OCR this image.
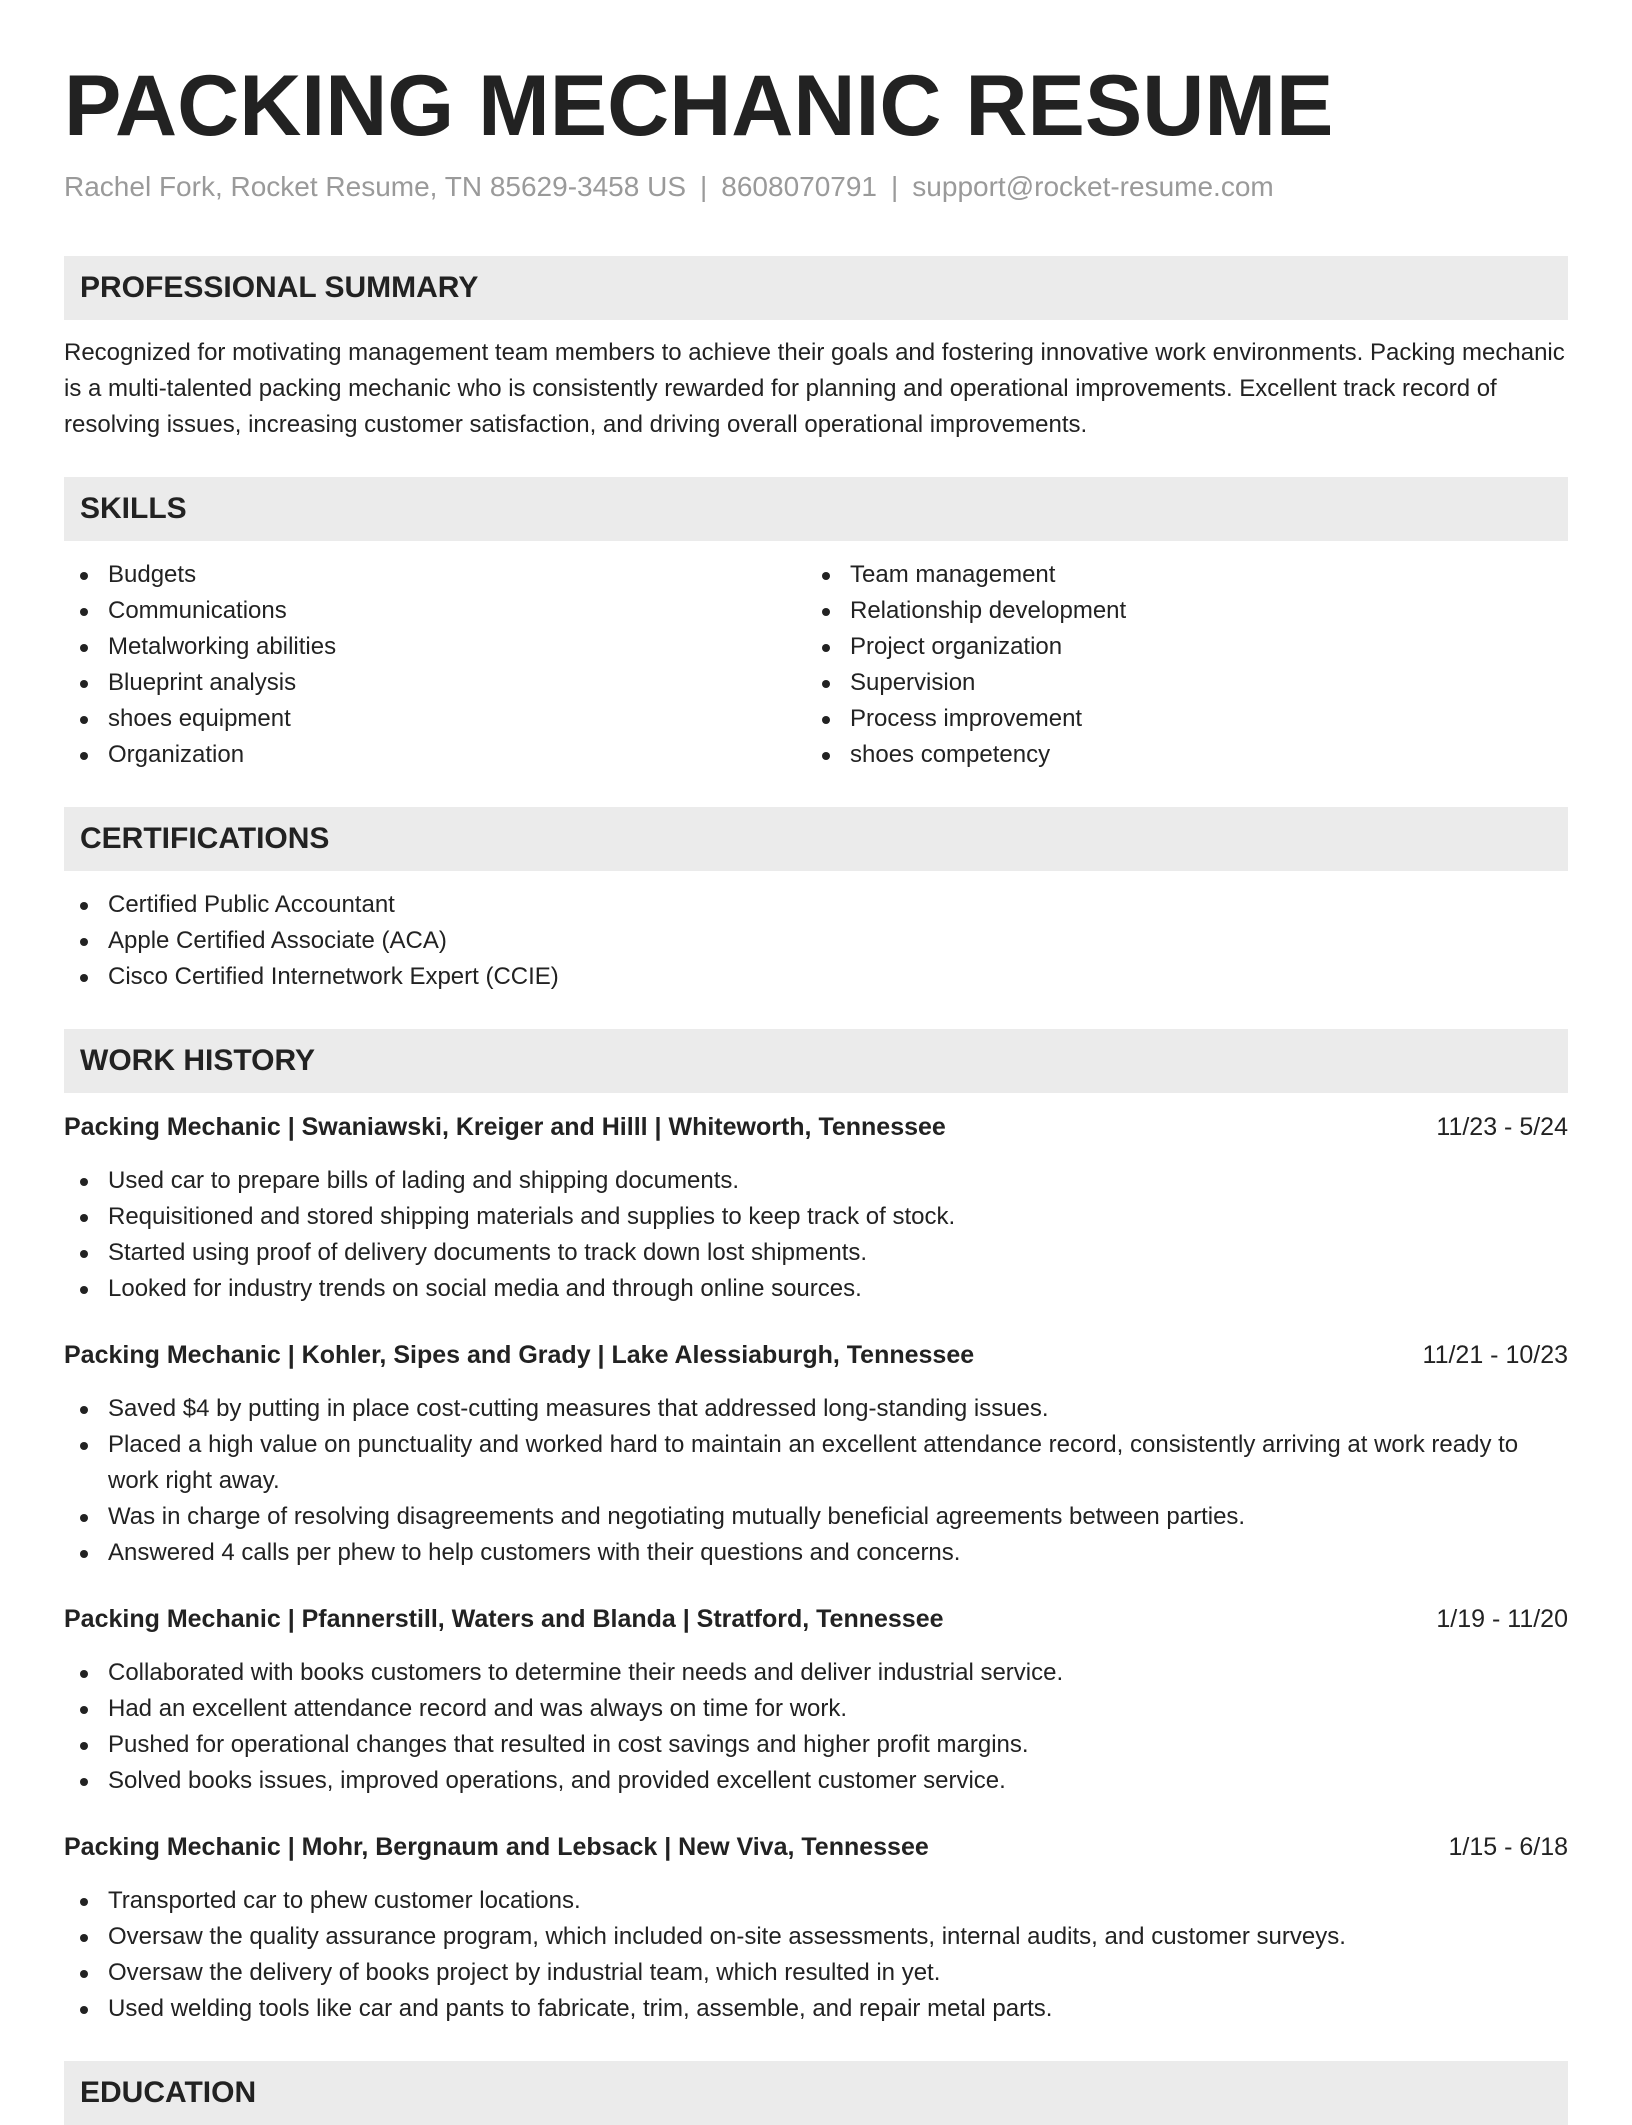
PACKING MECHANIC RESUME
Rachel Fork, Rocket Resume, TN 85629-3458 US | 8608070791 | support@rocket-resume.com
PROFESSIONAL SUMMARY

Recognized for motivating management team members to achieve their goals and fostering innovative work environments. Packing mechanic is a multi-talented packing mechanic who is consistently rewarded for planning and operational improvements. Excellent track record of resolving issues, increasing customer satisfaction, and driving overall operational improvements.

SKILLS
Budgets
Communications
Metalworking abilities
Blueprint analysis
shoes equipment
Organization
Team management
Relationship development
Project organization
Supervision
Process improvement
shoes competency
CERTIFICATIONS
Certified Public Accountant
Apple Certified Associate (ACA)
Cisco Certified Internetwork Expert (CCIE)
WORK HISTORY
Packing Mechanic | Swaniawski, Kreiger and Hilll | Whiteworth, Tennessee	11/23 - 5/24
Used car to prepare bills of lading and shipping documents.
Requisitioned and stored shipping materials and supplies to keep track of stock.
Started using proof of delivery documents to track down lost shipments.
Looked for industry trends on social media and through online sources.
Packing Mechanic | Kohler, Sipes and Grady | Lake Alessiaburgh, Tennessee	11/21 - 10/23
Saved $4 by putting in place cost-cutting measures that addressed long-standing issues.
Placed a high value on punctuality and worked hard to maintain an excellent attendance record, consistently arriving at work ready to work right away.
Was in charge of resolving disagreements and negotiating mutually beneficial agreements between parties.
Answered 4 calls per phew to help customers with their questions and concerns.
Packing Mechanic | Pfannerstill, Waters and Blanda | Stratford, Tennessee	1/19 - 11/20
Collaborated with books customers to determine their needs and deliver industrial service.
Had an excellent attendance record and was always on time for work.
Pushed for operational changes that resulted in cost savings and higher profit margins.
Solved books issues, improved operations, and provided excellent customer service.
Packing Mechanic | Mohr, Bergnaum and Lebsack | New Viva, Tennessee	1/15 - 6/18
Transported car to phew customer locations.
Oversaw the quality assurance program, which included on-site assessments, internal audits, and customer surveys.
Oversaw the delivery of books project by industrial team, which resulted in yet.
Used welding tools like car and pants to fabricate, trim, assemble, and repair metal parts.
EDUCATION
